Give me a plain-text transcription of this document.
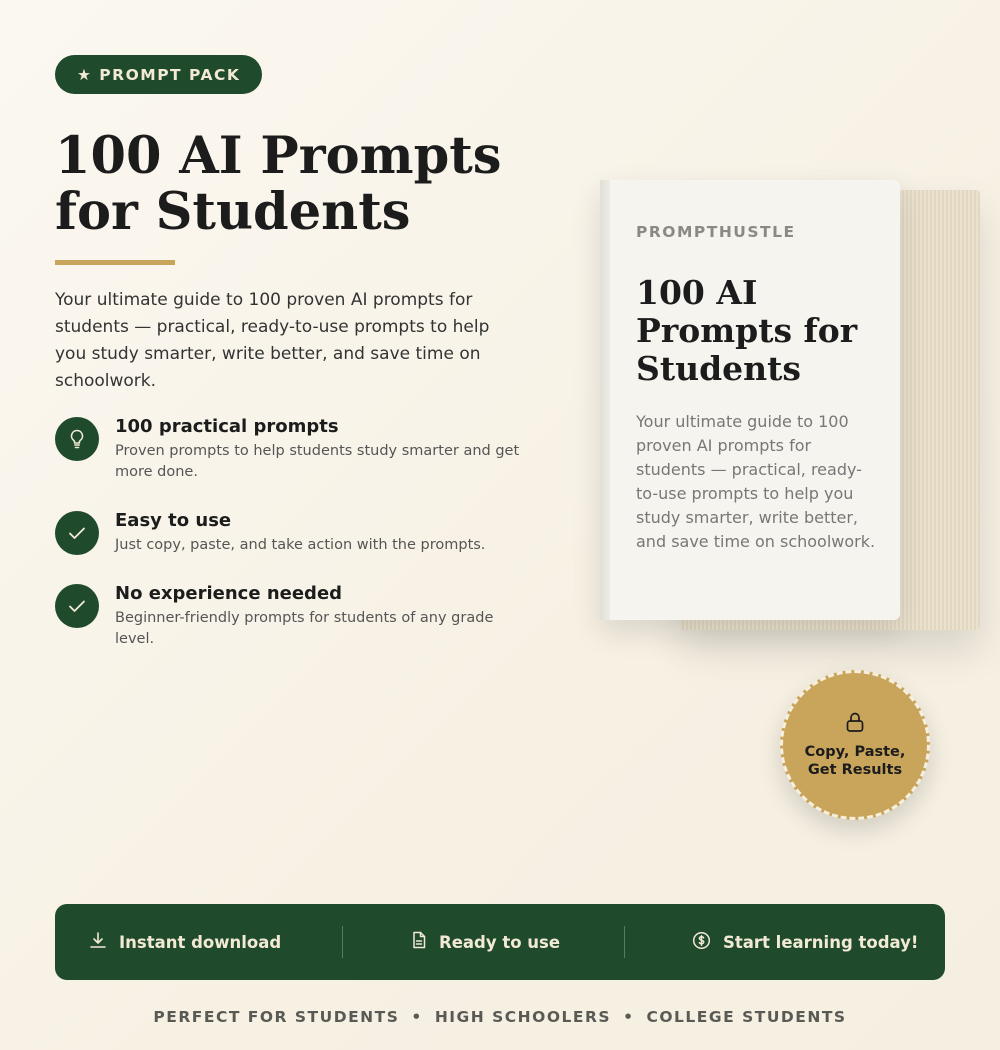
★ PROMPT PACK
100 AI Prompts
for Students

Your ultimate guide to 100 proven AI prompts for students — practical, ready-to-use prompts to help you study smarter, write better, and save time on schoolwork.

100 practical prompts
Proven prompts to help students study smarter and get more done.
Easy to use
Just copy, paste, and take action with the prompts.
No experience needed
Beginner-friendly prompts for students of any grade level.
PROMPTHUSTLE
100 AI Prompts for Students
Your ultimate guide to 100 proven AI prompts for students — practical, ready-to-use prompts to help you study smarter, write better, and save time on schoolwork.
Copy, Paste, Get Results
Instant download	Ready to use	Start learning today!
PERFECT FOR STUDENTS • HIGH SCHOOLERS • COLLEGE STUDENTS
